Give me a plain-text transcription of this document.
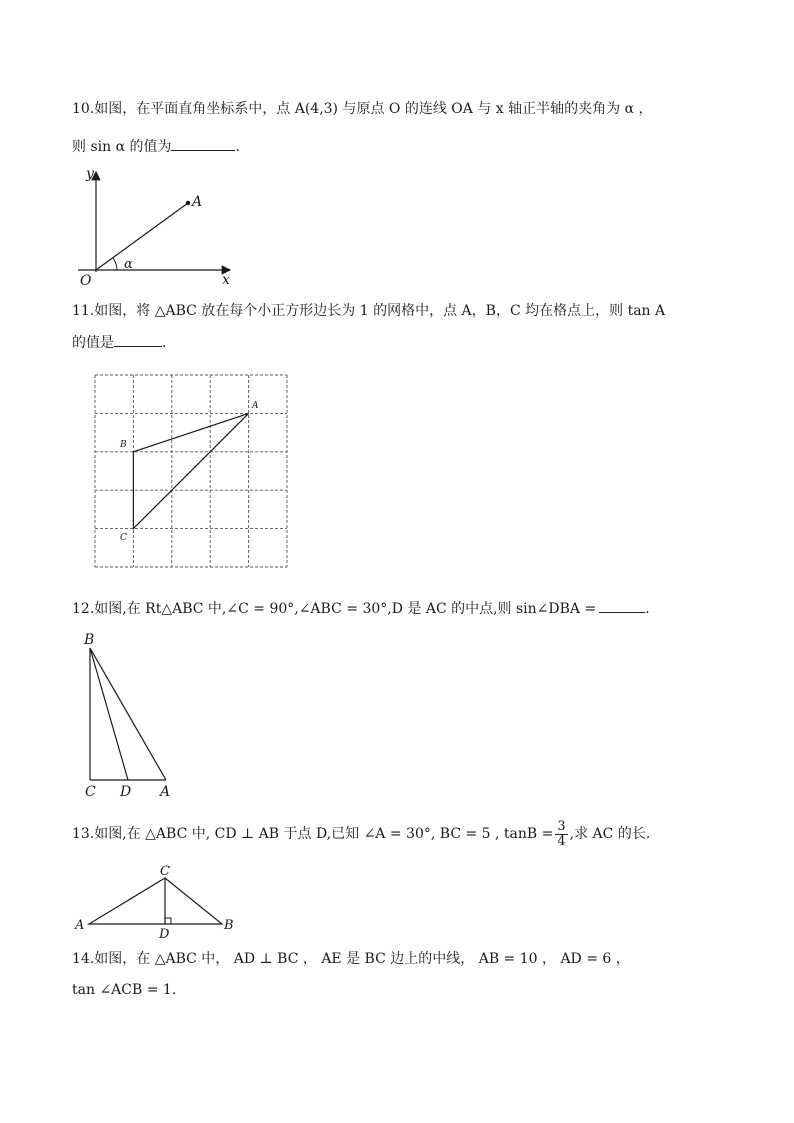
10.如图，在平面直角坐标系中，点 A(4,3) 与原点 O 的连线 OA 与 x 轴正半轴的夹角为 α ，
则 sin α 的值为	.
y
x
O
A
α
11.如图，将 △ABC 放在每个小正方形边长为 1 的网格中，点 A，B，C 均在格点上，则 tan A
的值是	.
A
B
C
12.如图,在 Rt△ABC 中,∠C = 90°,∠ABC = 30°,D 是 AC 的中点,则 sin∠DBA =	.
B
C D A
13.如图,在 △ABC 中, CD ⊥ AB 于点 D,已知 ∠A = 30°, BC = 5 , $\tan B = \frac{3}{4}$ ,求 AC 的长.
C
A	B
D
14.如图，在 △ABC 中， AD ⊥ BC ， AE 是 BC 边上的中线， AB = 10 ， AD = 6 ，
tan ∠ACB = 1.
